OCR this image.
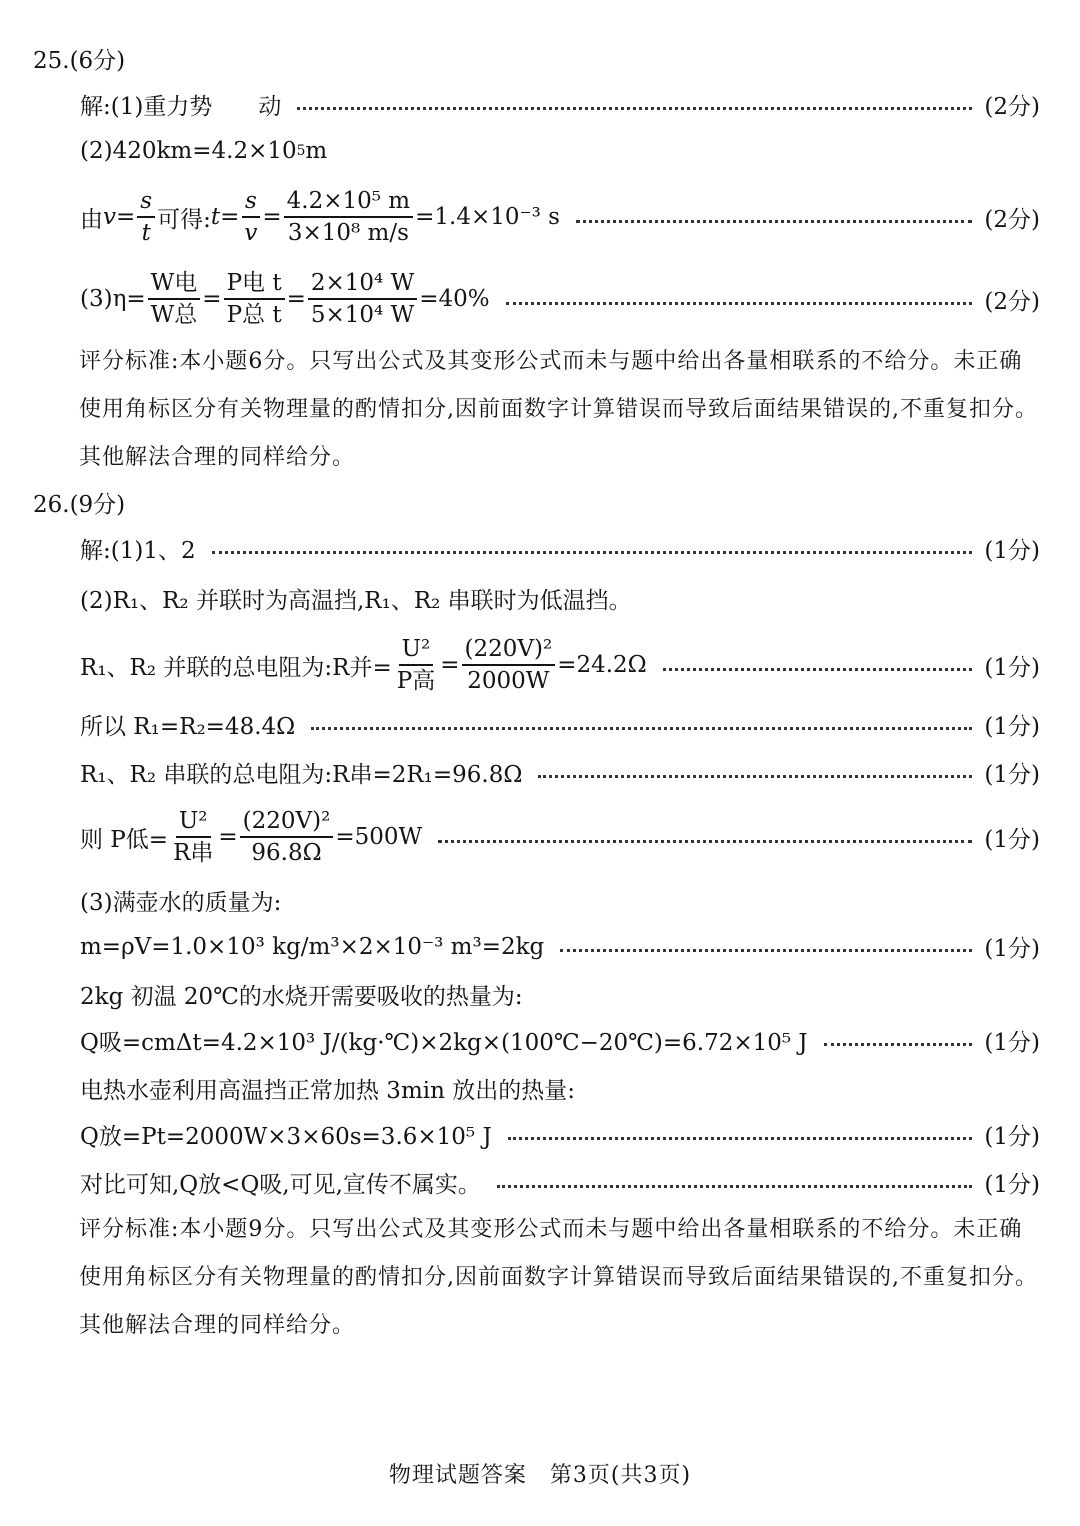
25.(6分)
解:(1)重力势　　动	(2分)
(2)420km=4.2×10 5 m
由 $v = \frac{s}{t}$ 可得: $t = \frac{s}{v} = \frac{\text{4.2×10⁵ m}}{\text{3×10⁸ m/s}} =1.4\times 10^{-3}$ s	(2分)
$(3)\eta= \frac{\text{W电}}{\text{W总}} = \frac{\text{P电 t}}{\text{P总 t}} = \frac{\text{2×10⁴ W}}{\text{5×10⁴ W}} =40\%$	(2分)
评分标准:本小题6分。只写出公式及其变形公式而未与题中给出各量相联系的不给分。未正确使用角标区分有关物理量的酌情扣分,因前面数字计算错误而导致后面结果错误的,不重复扣分。其他解法合理的同样给分。
26.(9分)
解:(1)1、2	(1分)
(2)R₁、R₂ 并联时为高温挡,R₁、R₂ 串联时为低温挡。
R₁、R₂ 并联的总电阻为:R并= $\frac{\text{U²}}{\text{P高}} = \frac{\text{(220V)²}}{2000W} =24.2\Omega$	(1分)
所以 R₁=R₂=48.4Ω	(1分)
R₁、R₂ 串联的总电阻为:R串=2R₁=96.8Ω	(1分)
则 P低= $\frac{\text{U²}}{\text{R串}} = \frac{\text{(220V)²}}{96.8\Omega} =500W$	(1分)
(3)满壶水的质量为:
m=ρV=1.0×10³ kg/m³×2×10⁻³ m³=2kg	(1分)
2kg 初温 20℃的水烧开需要吸收的热量为:
Q吸=cmΔt=4.2×10³ J/(kg·℃)×2kg×(100℃−20℃)=6.72×10⁵ J	(1分)
电热水壶利用高温挡正常加热 3min 放出的热量:
Q放=Pt=2000W×3×60s=3.6×10⁵ J	(1分)
对比可知,Q放<Q吸,可见,宣传不属实。	(1分)
评分标准:本小题9分。只写出公式及其变形公式而未与题中给出各量相联系的不给分。未正确使用角标区分有关物理量的酌情扣分,因前面数字计算错误而导致后面结果错误的,不重复扣分。其他解法合理的同样给分。
物理试题答案　第3页(共3页)
